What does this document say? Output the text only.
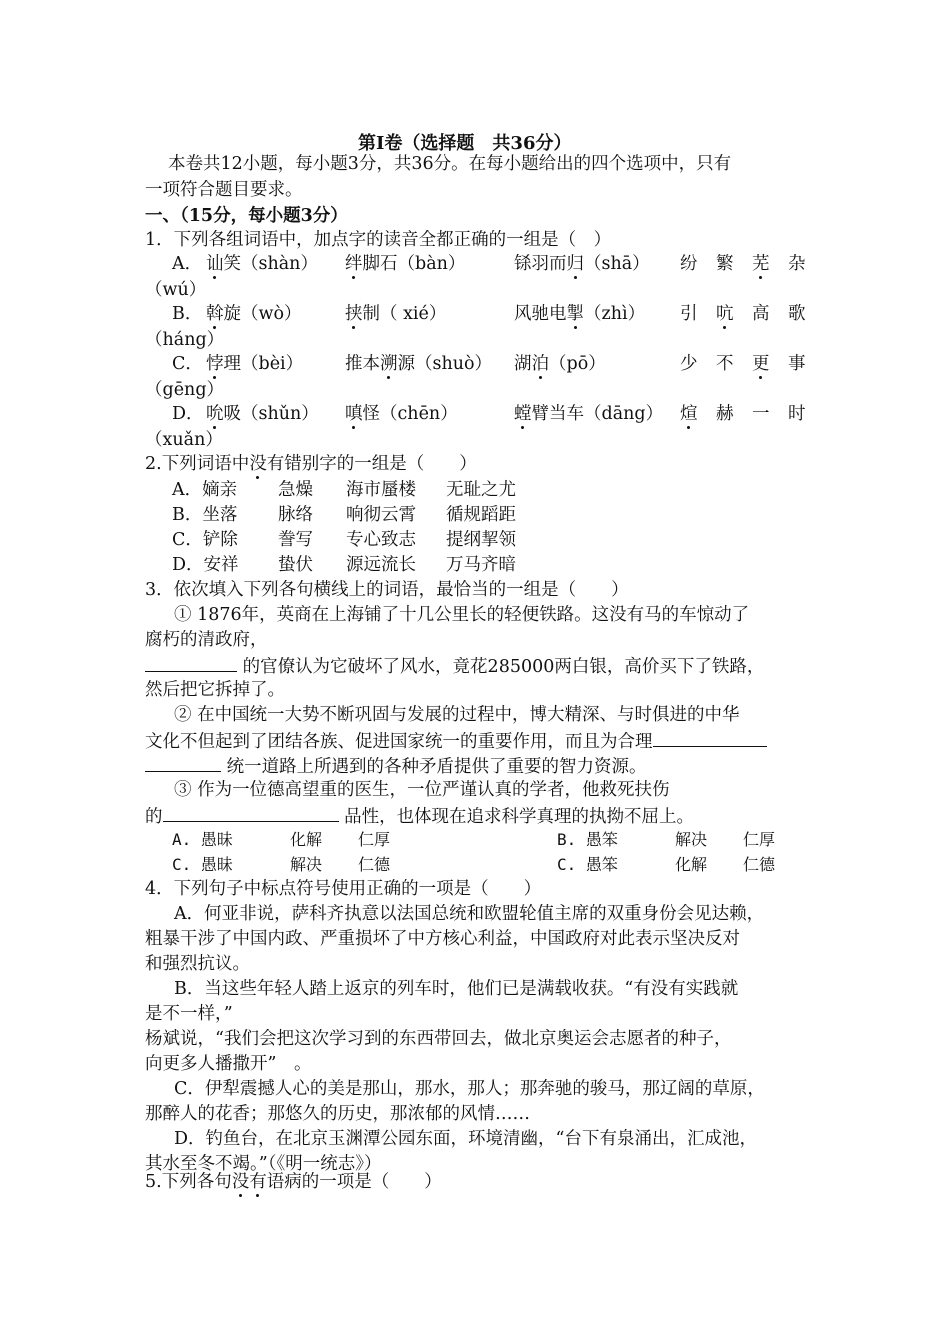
第Ⅰ卷（选择题　共36分）
本卷共12小题，每小题3分，共36分。在每小题给出的四个选项中，只有
一项符合题目要求。
一、（15分，每小题3分）
1．下列各组词语中，加点字的读音全都正确的一组是（　）
A． 讪笑（shàn） 绊脚石（bàn）	铩羽而归（shā） 纷 繁 芜 杂
（wú）
B． 斡旋（wò） 挟制（ xié）	风驰电掣（zhì） 引 吭 高 歌
（háng）
C． 悖理（bèi） 推本溯源（shuò） 湖泊（pō）	少 不 更 事
（gēng）
D． 吮吸（shǔn） 嗔怪（chēn）	螳臂当车（dāng） 煊 赫 一 时
（xuǎn）
2.下列词语中没有错别字的一组是（　　）
A．嫡亲 急燥 海市蜃楼 无耻之尤
B．坐落 脉络 响彻云霄 循规蹈距
C．铲除 誊写 专心致志 提纲挈领
D．安祥 蛰伏 源远流长 万马齐暗
3．依次填入下列各句横线上的词语，最恰当的一组是（　　）
① 1876年，英商在上海铺了十几公里长的轻便铁路。这没有马的车惊动了
腐朽的清政府，
的官僚认为它破坏了风水，竟花285000两白银，高价买下了铁路，
然后把它拆掉了。
② 在中国统一大势不断巩固与发展的过程中，博大精深、与时俱进的中华
文化不但起到了团结各族、促进国家统一的重要作用，而且为合理
统一道路上所遇到的各种矛盾提供了重要的智力资源。
③ 作为一位德高望重的医生，一位严谨认真的学者，他救死扶伤
的	品性，也体现在追求科学真理的执拗不屈上。
A. 愚昧	化解 仁厚	B. 愚笨	解决 仁厚
C. 愚昧	解决 仁德	C. 愚笨	化解 仁德
4．下列句子中标点符号使用正确的一项是（　　）
A．何亚非说，萨科齐执意以法国总统和欧盟轮值主席的双重身份会见达赖，
粗暴干涉了中国内政、严重损坏了中方核心利益，中国政府对此表示坚决反对
和强烈抗议。
B．当这些年轻人踏上返京的列车时，他们已是满载收获。“有没有实践就
是不一样，”
杨斌说，“我们会把这次学习到的东西带回去，做北京奥运会志愿者的种子，
向更多人播撒开”　。
C．伊犁震撼人心的美是那山，那水，那人；那奔驰的骏马，那辽阔的草原，
那醉人的花香；那悠久的历史，那浓郁的风情……
D．钓鱼台，在北京玉渊潭公园东面，环境清幽，“台下有泉涌出，汇成池，
其水至冬不竭。”（《明一统志》）
5.下列各句没有语病的一项是（　　）
